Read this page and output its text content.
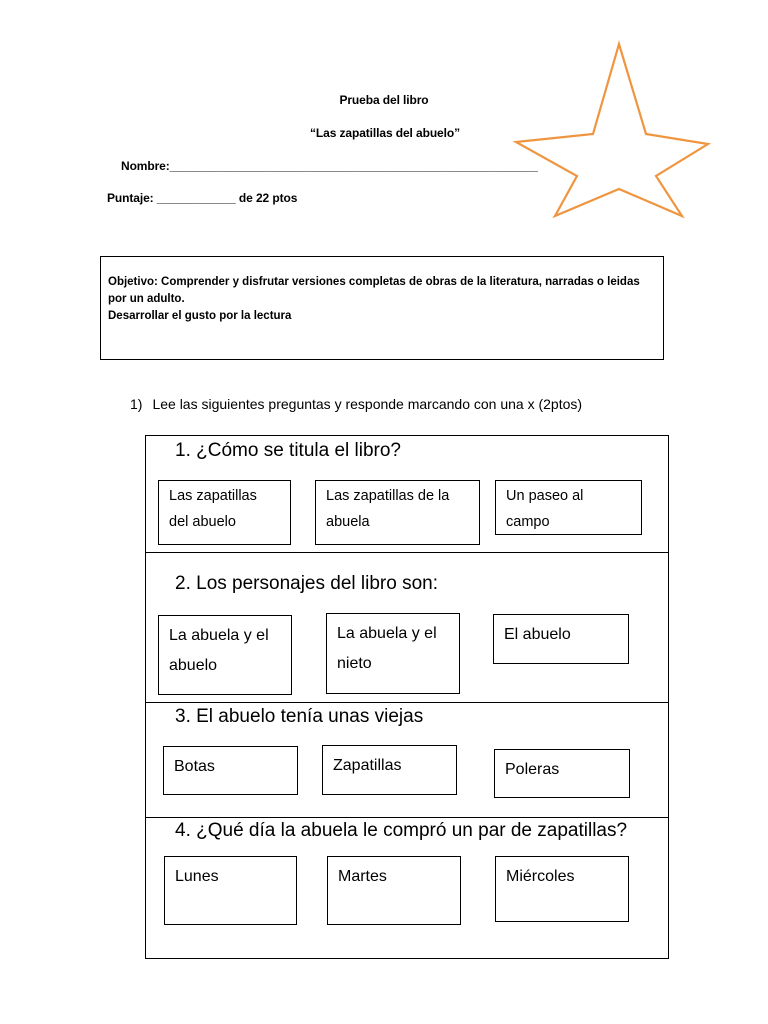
Prueba del libro
“Las zapatillas del abuelo”
Nombre:________________________________________________________
Puntaje: ____________ de 22 ptos
Objetivo: Comprender y disfrutar versiones completas de obras de la literatura, narradas o leidas
por un adulto.
Desarrollar el gusto por la lectura
1) Lee las siguientes preguntas y responde marcando con una x (2ptos)
1. ¿Cómo se titula el libro?
Las zapatillas
del abuelo
Las zapatillas de la
abuela
Un paseo al
campo
2. Los personajes del libro son:
La abuela y el
abuelo
La abuela y el
nieto
El abuelo
3. El abuelo tenía unas viejas
Botas	Zapatillas	Poleras
4. ¿Qué día la abuela le compró un par de zapatillas?
Lunes	Martes	Miércoles
